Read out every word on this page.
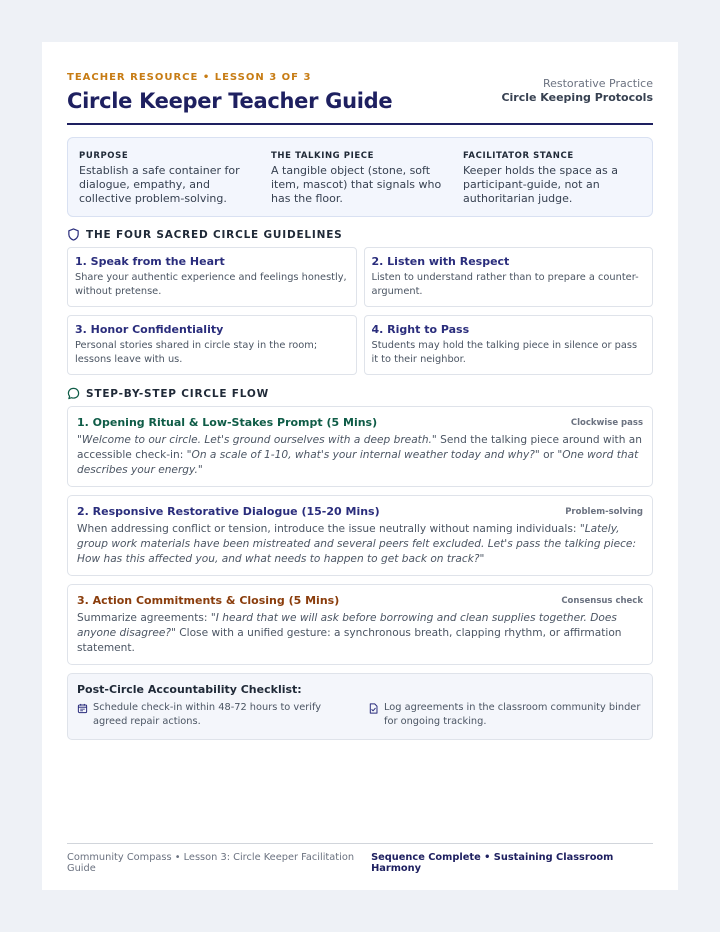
TEACHER RESOURCE • LESSON 3 OF 3
Circle Keeper Teacher Guide
Restorative Practice
Circle Keeping Protocols
PURPOSE
Establish a safe container for dialogue, empathy, and collective problem-solving.
THE TALKING PIECE
A tangible object (stone, soft item, mascot) that signals who has the floor.
FACILITATOR STANCE
Keeper holds the space as a participant-guide, not an authoritarian judge.
THE FOUR SACRED CIRCLE GUIDELINES
1. Speak from the Heart
Share your authentic experience and feelings honestly, without pretense.
2. Listen with Respect
Listen to understand rather than to prepare a counter-argument.
3. Honor Confidentiality
Personal stories shared in circle stay in the room; lessons leave with us.
4. Right to Pass
Students may hold the talking piece in silence or pass it to their neighbor.
STEP-BY-STEP CIRCLE FLOW
1. Opening Ritual & Low-Stakes Prompt (5 Mins)	Clockwise pass
"Welcome to our circle. Let's ground ourselves with a deep breath." Send the talking piece around with an accessible check-in: "On a scale of 1-10, what's your internal weather today and why?" or "One word that describes your energy."
2. Responsive Restorative Dialogue (15-20 Mins)	Problem-solving
When addressing conflict or tension, introduce the issue neutrally without naming individuals: "Lately, group work materials have been mistreated and several peers felt excluded. Let's pass the talking piece: How has this affected you, and what needs to happen to get back on track?"
3. Action Commitments & Closing (5 Mins)	Consensus check
Summarize agreements: "I heard that we will ask before borrowing and clean supplies together. Does anyone disagree?" Close with a unified gesture: a synchronous breath, clapping rhythm, or affirmation statement.
Post-Circle Accountability Checklist:
Schedule check-in within 48-72 hours to verify agreed repair actions.
Log agreements in the classroom community binder for ongoing tracking.
Community Compass • Lesson 3: Circle Keeper Facilitation Guide
Sequence Complete • Sustaining Classroom Harmony
